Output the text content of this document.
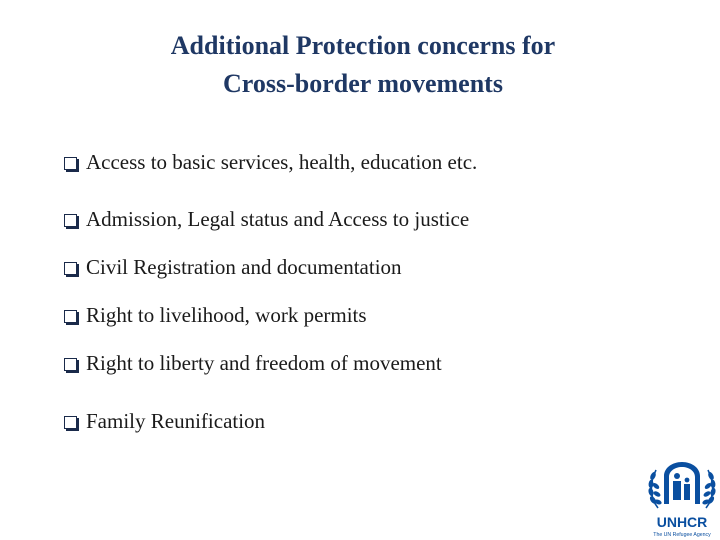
Additional Protection concerns for
Cross-border movements
Access to basic services, health, education etc.
Admission, Legal status and Access to justice
Civil Registration and documentation
Right to livelihood, work permits
Right to liberty and freedom of movement
Family Reunification
UNHCR
The UN Refugee Agency
